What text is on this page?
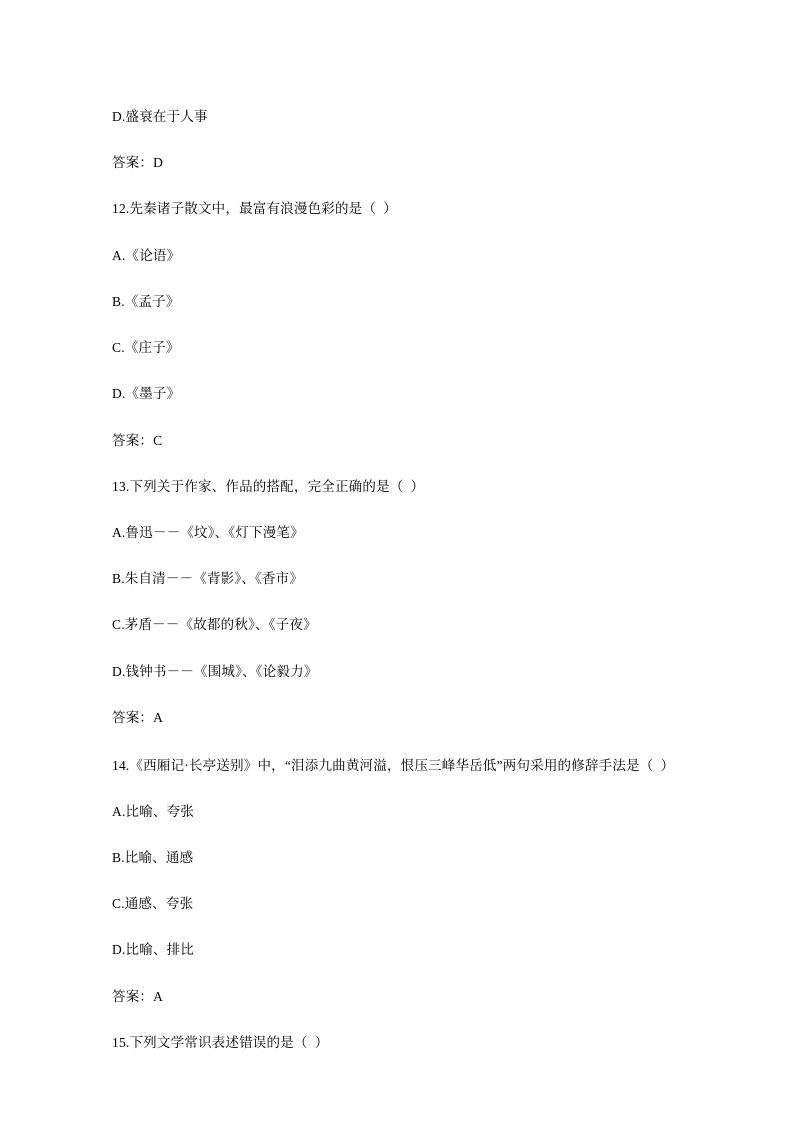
D.盛衰在于人事

答案：D

12.先秦诸子散文中，最富有浪漫色彩的是（  ）

A.《论语》

B.《孟子》

C.《庄子》

D.《墨子》

答案：C

13.下列关于作家、作品的搭配，完全正确的是（  ）

A.鲁迅－－《坟》、《灯下漫笔》

B.朱自清－－《背影》、《香市》

C.茅盾－－《故都的秋》、《子夜》

D.钱钟书－－《围城》、《论毅力》

答案：A

14.《西厢记·长亭送别》中，“泪添九曲黄河溢，恨压三峰华岳低”两句采用的修辞手法是（  ）

A.比喻、夸张

B.比喻、通感

C.通感、夸张

D.比喻、排比

答案：A

15.下列文学常识表述错误的是（  ）
